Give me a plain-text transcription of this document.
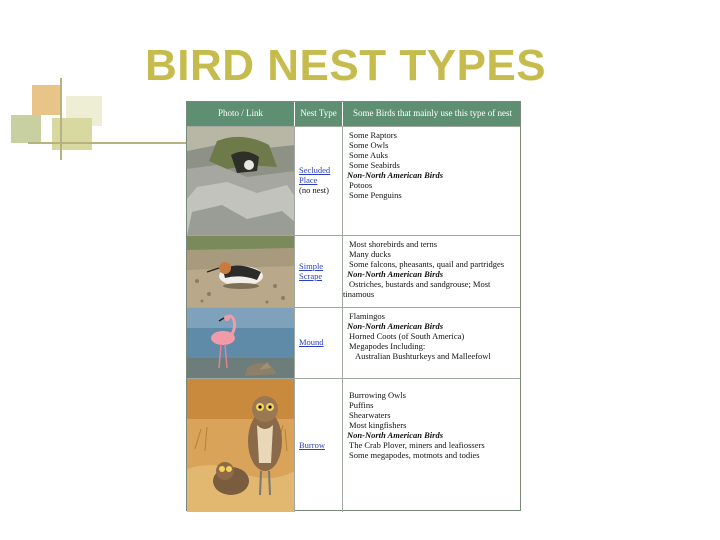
BIRD NEST TYPES
Photo / Link	Nest Type	Some Birds that mainly use this type of nest
Secluded Place
(no nest)
Some Raptors
Some Owls
Some Auks
Some Seabirds
Non-North American Birds
Potoos
Some Penguins
Simple Scrape
Most shorebirds and terns
Many ducks
Some falcons, pheasants, quail and partridges
Non-North American Birds
Ostriches, bustards and sandgrouse; Most
tinamous
Mound
Flamingos
Non-North American Birds
Horned Coots (of South America)
Megapodes Including:
Australian Bushturkeys and Malleefowl
Burrow
Burrowing Owls
Puffins
Shearwaters
Most kingfishers
Non-North American Birds
The Crab Plover, miners and leafiossers
Some megapodes, motmots and todies
